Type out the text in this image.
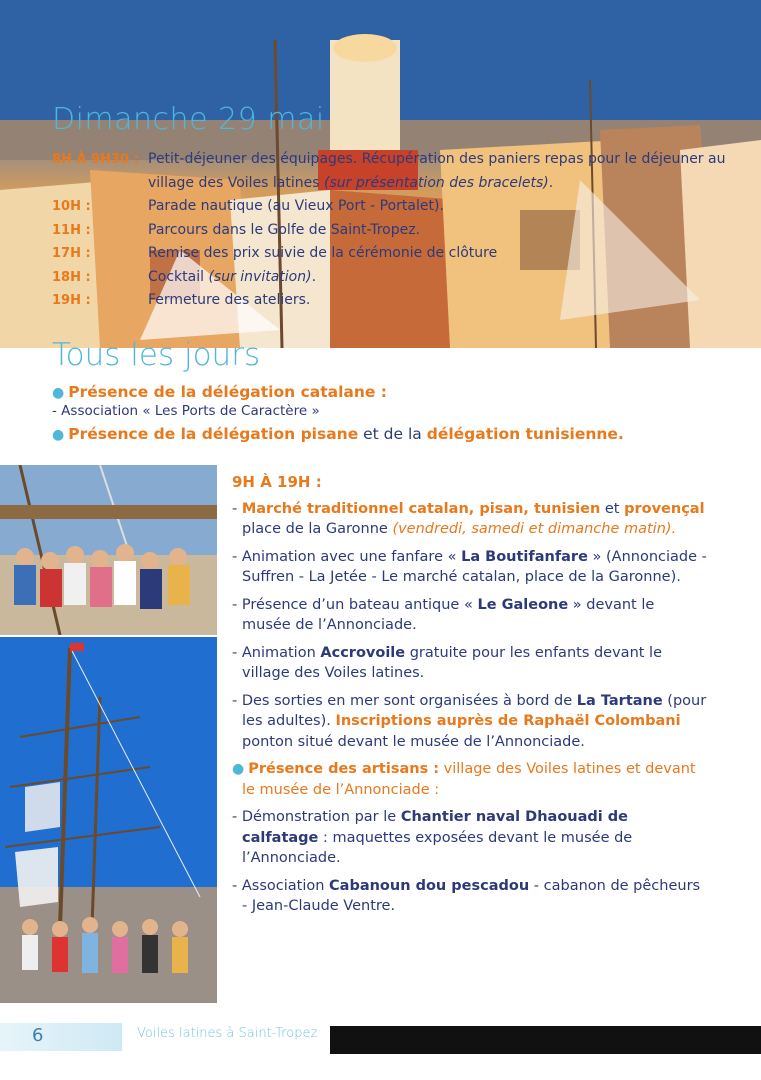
Dimanche 29 mai
8H À 9H30 : Petit-déjeuner des équipages. Récupération des paniers repas pour le déjeuner au village des Voiles latines (sur présentation des bracelets).
10H :	Parade nautique (au Vieux Port - Portalet).
11H :	Parcours dans le Golfe de Saint-Tropez.
17H :	Remise des prix suivie de la cérémonie de clôture
18H :	Cocktail (sur invitation).
19H :	Fermeture des ateliers.
Tous les jours
● Présence de la délégation catalane :
- Association « Les Ports de Caractère »
● Présence de la délégation pisane et de la délégation tunisienne.
9H À 19H :
- Marché traditionnel catalan, pisan, tunisien et provençal place de la Garonne (vendredi, samedi et dimanche matin).
- Animation avec une fanfare « La Boutifanfare » (Annonciade - Suffren - La Jetée - Le marché catalan, place de la Garonne).
- Présence d’un bateau antique « Le Galeone » devant le musée de l’Annonciade.
- Animation Accrovoile gratuite pour les enfants devant le village des Voiles latines.
- Des sorties en mer sont organisées à bord de La Tartane (pour les adultes). Inscriptions auprès de Raphaël Colombani ponton situé devant le musée de l’Annonciade.
● Présence des artisans : village des Voiles latines et devant le musée de l’Annonciade :
- Démonstration par le Chantier naval Dhaouadi de calfatage : maquettes exposées devant le musée de l’Annonciade.
- Association Cabanoun dou pescadou - cabanon de pêcheurs - Jean-Claude Ventre.
6	Voiles latines à Saint-Tropez
